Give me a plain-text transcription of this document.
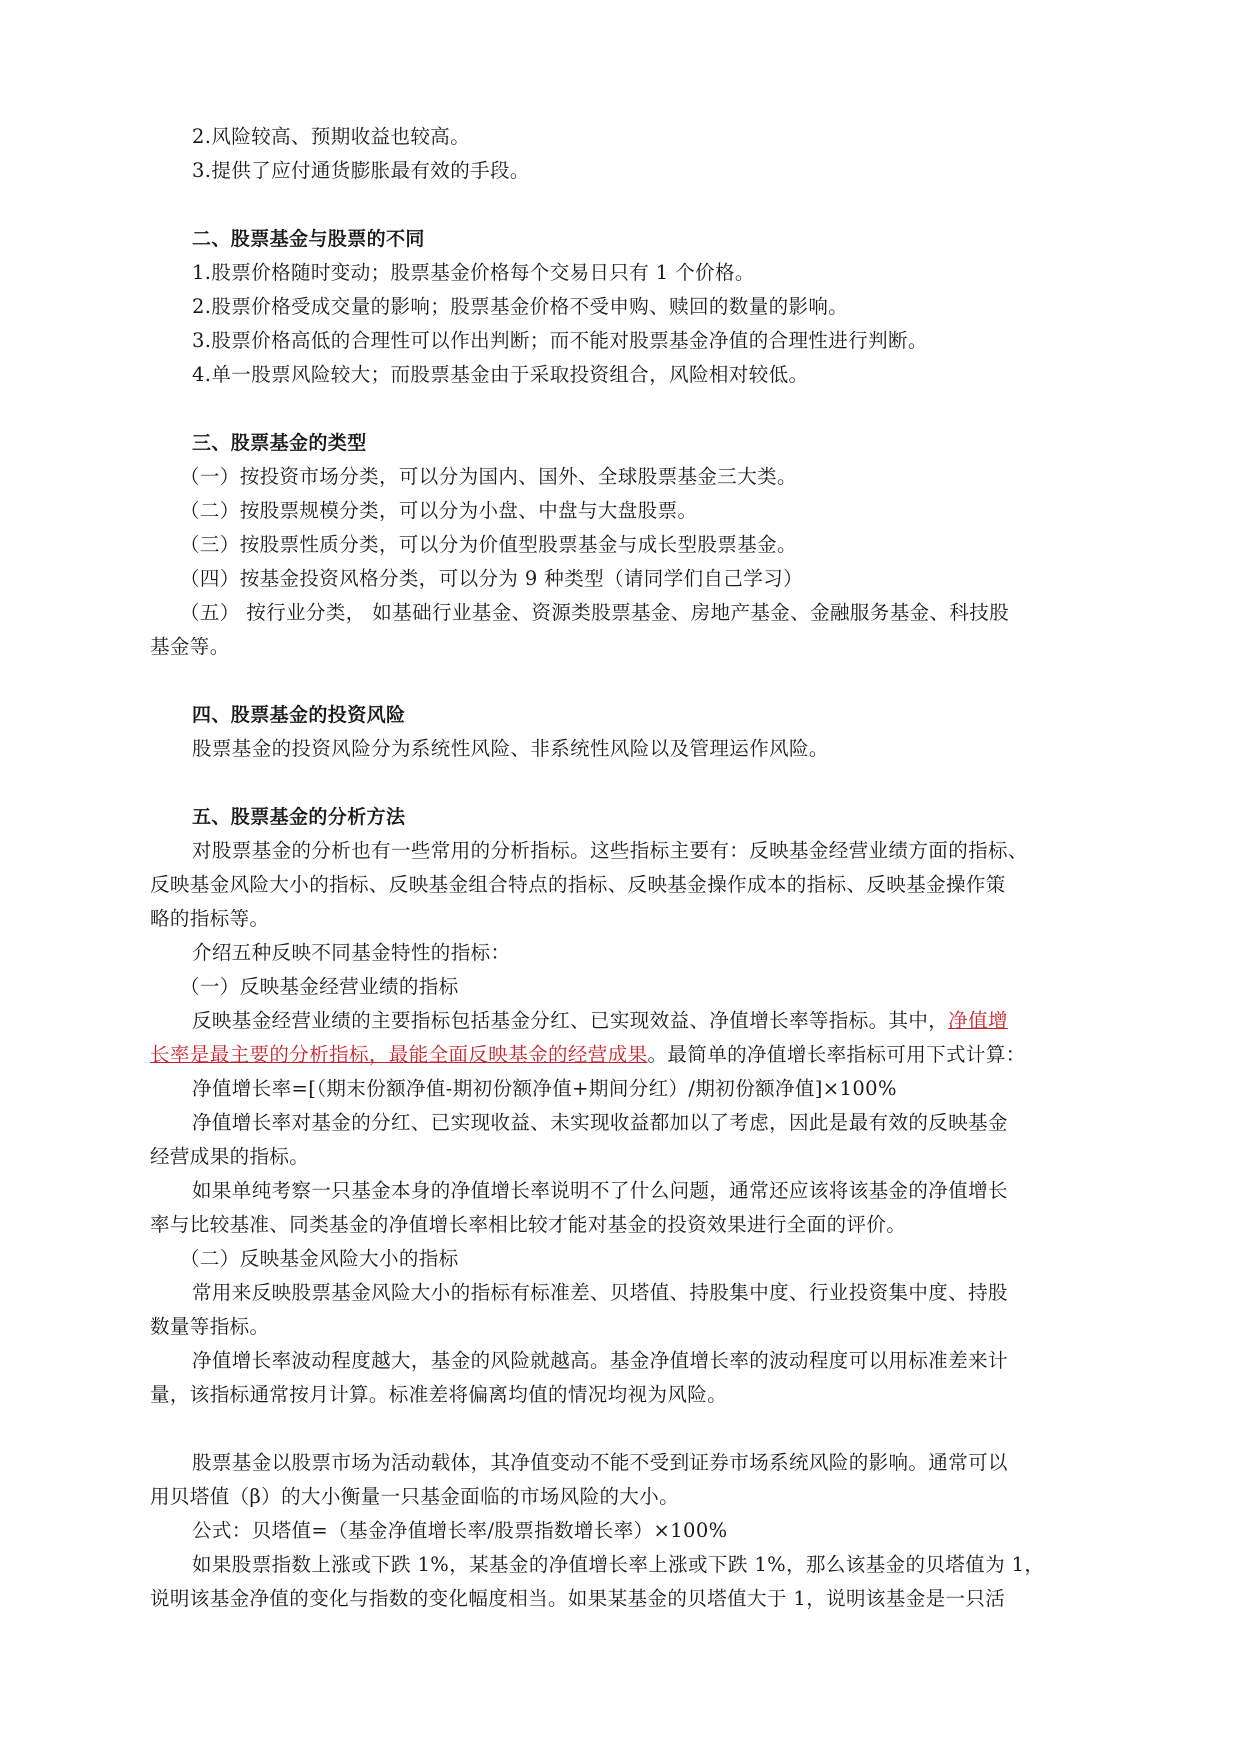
2.风险较高、预期收益也较高。
3.提供了应付通货膨胀最有效的手段。
二、股票基金与股票的不同
1.股票价格随时变动；股票基金价格每个交易日只有 1 个价格。
2.股票价格受成交量的影响；股票基金价格不受申购、赎回的数量的影响。
3.股票价格高低的合理性可以作出判断；而不能对股票基金净值的合理性进行判断。
4.单一股票风险较大；而股票基金由于采取投资组合，风险相对较低。
三、股票基金的类型
（一）按投资市场分类，可以分为国内、国外、全球股票基金三大类。
（二）按股票规模分类，可以分为小盘、中盘与大盘股票。
（三）按股票性质分类，可以分为价值型股票基金与成长型股票基金。
（四）按基金投资风格分类，可以分为 9 种类型（请同学们自己学习）
（五） 按行业分类， 如基础行业基金、资源类股票基金、房地产基金、金融服务基金、科技股
基金等。
四、股票基金的投资风险
股票基金的投资风险分为系统性风险、非系统性风险以及管理运作风险。
五、股票基金的分析方法
对股票基金的分析也有一些常用的分析指标。这些指标主要有：反映基金经营业绩方面的指标、
反映基金风险大小的指标、反映基金组合特点的指标、反映基金操作成本的指标、反映基金操作策
略的指标等。
介绍五种反映不同基金特性的指标：
（一）反映基金经营业绩的指标
反映基金经营业绩的主要指标包括基金分红、已实现效益、净值增长率等指标。其中，净值增
长率是最主要的分析指标，最能全面反映基金的经营成果。最简单的净值增长率指标可用下式计算：
净值增长率=[（期末份额净值-期初份额净值+期间分红）/期初份额净值]×100%
净值增长率对基金的分红、已实现收益、未实现收益都加以了考虑，因此是最有效的反映基金
经营成果的指标。
如果单纯考察一只基金本身的净值增长率说明不了什么问题，通常还应该将该基金的净值增长
率与比较基准、同类基金的净值增长率相比较才能对基金的投资效果进行全面的评价。
（二）反映基金风险大小的指标
常用来反映股票基金风险大小的指标有标准差、贝塔值、持股集中度、行业投资集中度、持股
数量等指标。
净值增长率波动程度越大，基金的风险就越高。基金净值增长率的波动程度可以用标准差来计
量，该指标通常按月计算。标准差将偏离均值的情况均视为风险。
股票基金以股票市场为活动载体，其净值变动不能不受到证券市场系统风险的影响。通常可以
用贝塔值（β）的大小衡量一只基金面临的市场风险的大小。
公式：贝塔值=（基金净值增长率/股票指数增长率）×100%
如果股票指数上涨或下跌 1%，某基金的净值增长率上涨或下跌 1%，那么该基金的贝塔值为 1，
说明该基金净值的变化与指数的变化幅度相当。如果某基金的贝塔值大于 1，说明该基金是一只活
